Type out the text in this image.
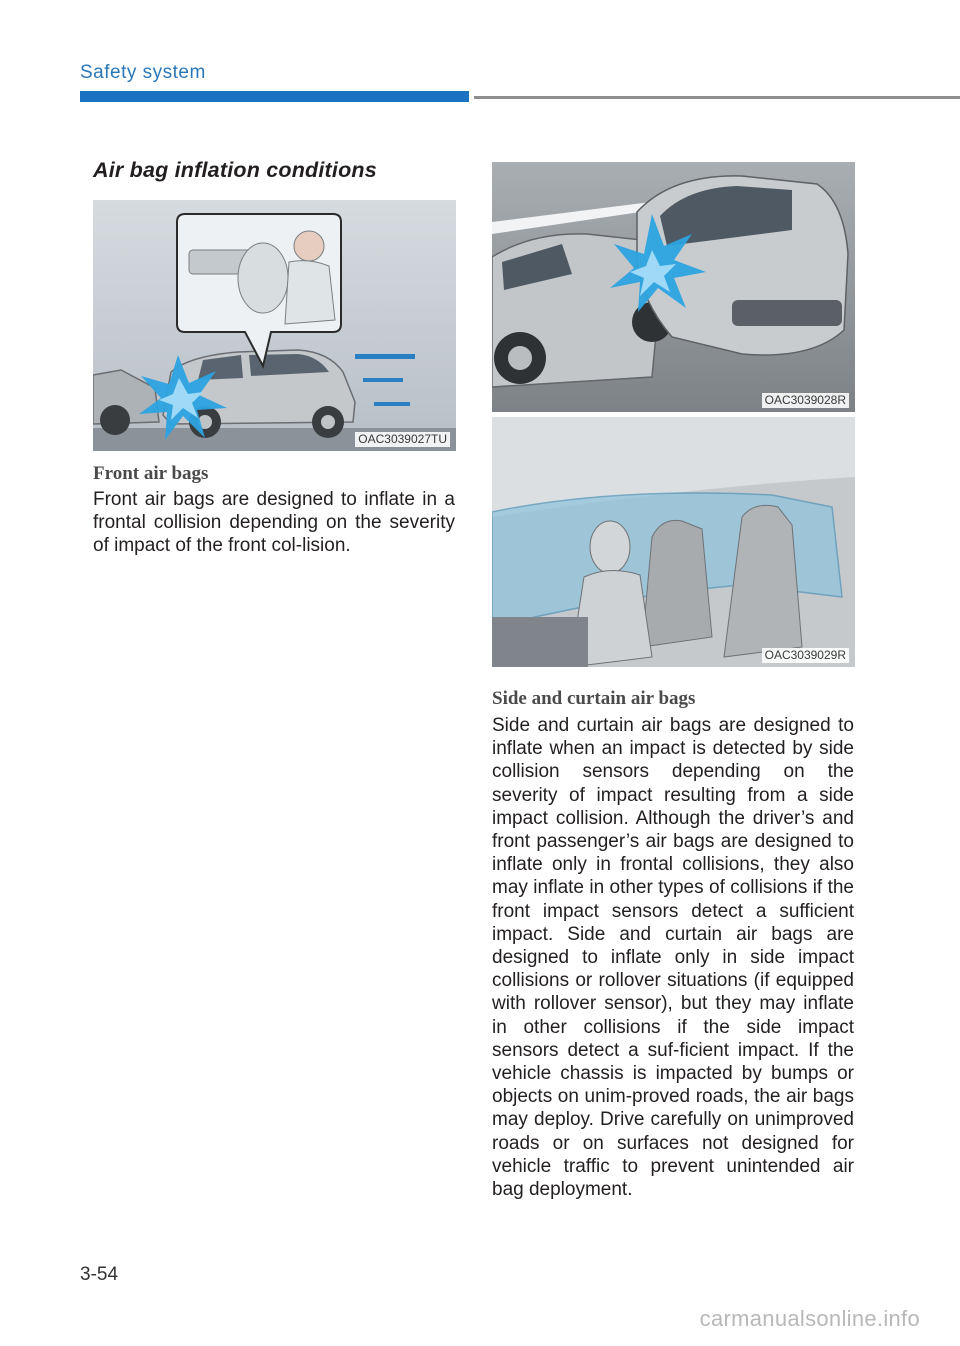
Safety system
Air bag inflation conditions
OAC3039027TU
Front air bags

Front air bags are designed to inflate in a frontal collision depending on the severity of impact of the front col-lision.

OAC3039028R
OAC3039029R
Side and curtain air bags

Side and curtain air bags are designed to inflate when an impact is detected by side collision sensors depending on the severity of impact resulting from a side impact collision. Although the driver’s and front passenger’s air bags are designed to inflate only in frontal collisions, they also may inflate in other types of collisions if the front impact sensors detect a sufficient impact. Side and curtain air bags are designed to inflate only in side impact collisions or rollover situations (if equipped with rollover sensor), but they may inflate in other collisions if the side impact sensors detect a suf-ficient impact. If the vehicle chassis is impacted by bumps or objects on unim-proved roads, the air bags may deploy. Drive carefully on unimproved roads or on surfaces not designed for vehicle traffic to prevent unintended air bag deployment.

3-54
carmanualsonline.info
